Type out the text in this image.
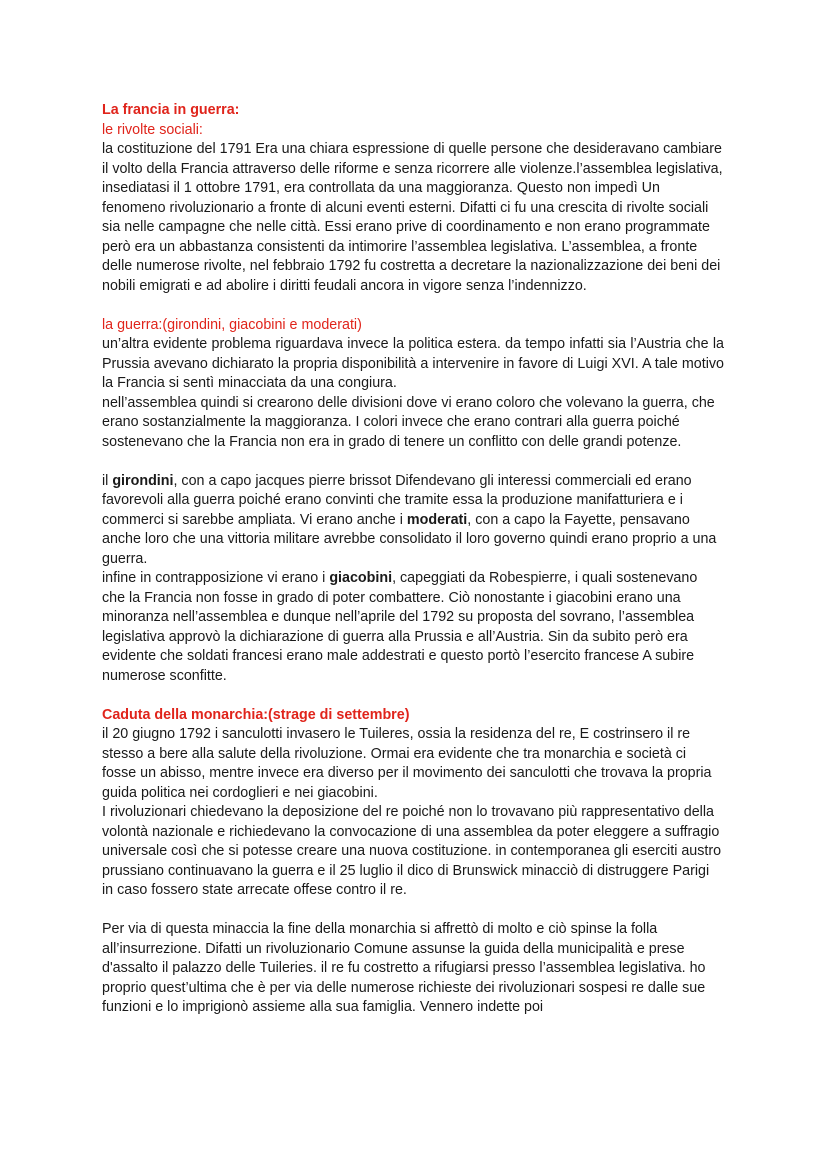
La francia in guerra:

le rivolte sociali:

la costituzione del 1791 Era una chiara espressione di quelle persone che desideravano cambiare il volto della Francia attraverso delle riforme e senza ricorrere alle violenze.l’assemblea legislativa, insediatasi il 1 ottobre 1791, era controllata da una maggioranza. Questo non impedì Un fenomeno rivoluzionario a fronte di alcuni eventi esterni. Difatti ci fu una crescita di rivolte sociali sia nelle campagne che nelle città. Essi erano prive di coordinamento e non erano programmate però era un abbastanza consistenti da intimorire l’assemblea legislativa. L’assemblea, a fronte delle numerose rivolte, nel febbraio 1792 fu costretta a decretare la nazionalizzazione dei beni dei nobili emigrati e ad abolire i diritti feudali ancora in vigore senza l’indennizzo.

la guerra:(girondini, giacobini e moderati)

un’altra evidente problema riguardava invece la politica estera. da tempo infatti sia l’Austria che la Prussia avevano dichiarato la propria disponibilità a intervenire in favore di Luigi XVI. A tale motivo la Francia si sentì minacciata da una congiura.

nell’assemblea quindi si crearono delle divisioni dove vi erano coloro che volevano la guerra, che erano sostanzialmente la maggioranza. I colori invece che erano contrari alla guerra poiché sostenevano che la Francia non era in grado di tenere un conflitto con delle grandi potenze.

il girondini, con a capo jacques pierre brissot Difendevano gli interessi commerciali ed erano favorevoli alla guerra poiché erano convinti che tramite essa la produzione manifatturiera e i commerci si sarebbe ampliata. Vi erano anche i moderati, con a capo la Fayette, pensavano anche loro che una vittoria militare avrebbe consolidato il loro governo quindi erano proprio a una guerra.

infine in contrapposizione vi erano i giacobini, capeggiati da Robespierre, i quali sostenevano che la Francia non fosse in grado di poter combattere. Ciò nonostante i giacobini erano una minoranza nell’assemblea e dunque nell’aprile del 1792 su proposta del sovrano, l’assemblea legislativa approvò la dichiarazione di guerra alla Prussia e all’Austria. Sin da subito però era evidente che soldati francesi erano male addestrati e questo portò l’esercito francese A subire numerose sconfitte.

Caduta della monarchia:(strage di settembre)

il 20 giugno 1792 i sanculotti invasero le Tuileres, ossia la residenza del re, E costrinsero il re stesso a bere alla salute della rivoluzione. Ormai era evidente che tra monarchia e società ci fosse un abisso, mentre invece era diverso per il movimento dei sanculotti che trovava la propria guida politica nei cordoglieri e nei giacobini.

I rivoluzionari chiedevano la deposizione del re poiché non lo trovavano più rappresentativo della volontà nazionale e richiedevano la convocazione di una assemblea da poter eleggere a suffragio universale così che si potesse creare una nuova costituzione. in contemporanea gli eserciti austro prussiano continuavano la guerra e il 25 luglio il dico di Brunswick minacciò di distruggere Parigi in caso fossero state arrecate offese contro il re.

Per via di questa minaccia la fine della monarchia si affrettò di molto e ciò spinse la folla all’insurrezione. Difatti un rivoluzionario Comune assunse la guida della municipalità e prese d'assalto il palazzo delle Tuileries. il re fu costretto a rifugiarsi presso l’assemblea legislativa. ho proprio quest’ultima che è per via delle numerose richieste dei rivoluzionari sospesi re dalle sue funzioni e lo imprigionò assieme alla sua famiglia. Vennero indette poi
